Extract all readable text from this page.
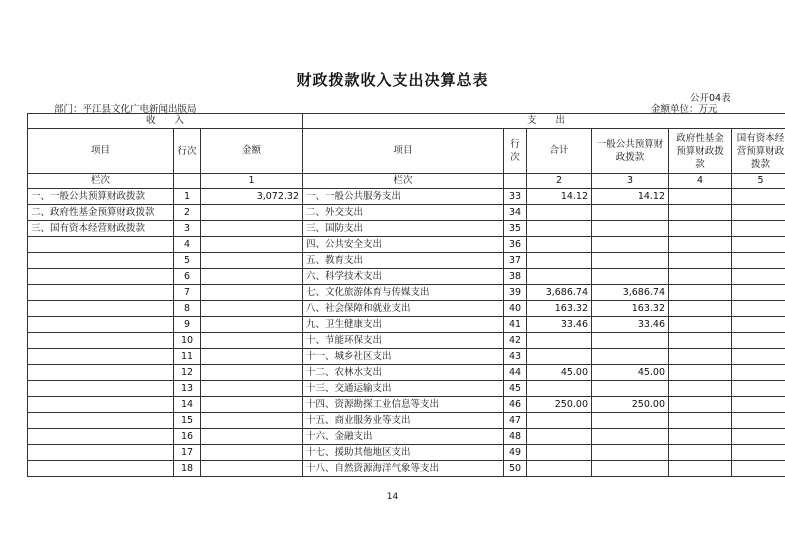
财政拨款收入支出决算总表
公开04表
部门：平江县文化广电新闻出版局	金额单位：万元
收　　入			支　　出					
项目	行次	金额	项目	行次	合计	一般公共预算财政拨款	政府性基金预算财政拨款	国有资本经营预算财政拨款
栏次		1	栏次		2	3	4	5
一、一般公共预算财政拨款	1	3,072.32	一、一般公共服务支出	33	14.12	14.12		
二、政府性基金预算财政拨款	2		二、外交支出	34				
三、国有资本经营财政拨款	3		三、国防支出	35				
	4		四、公共安全支出	36				
	5		五、教育支出	37				
	6		六、科学技术支出	38				
	7		七、文化旅游体育与传媒支出	39	3,686.74	3,686.74		
	8		八、社会保障和就业支出	40	163.32	163.32		
	9		九、卫生健康支出	41	33.46	33.46		
	10		十、节能环保支出	42				
	11		十一、城乡社区支出	43				
	12		十二、农林水支出	44	45.00	45.00		
	13		十三、交通运输支出	45				
	14		十四、资源勘探工业信息等支出	46	250.00	250.00		
	15		十五、商业服务业等支出	47				
	16		十六、金融支出	48				
	17		十七、援助其他地区支出	49				
	18		十八、自然资源海洋气象等支出	50				
14
